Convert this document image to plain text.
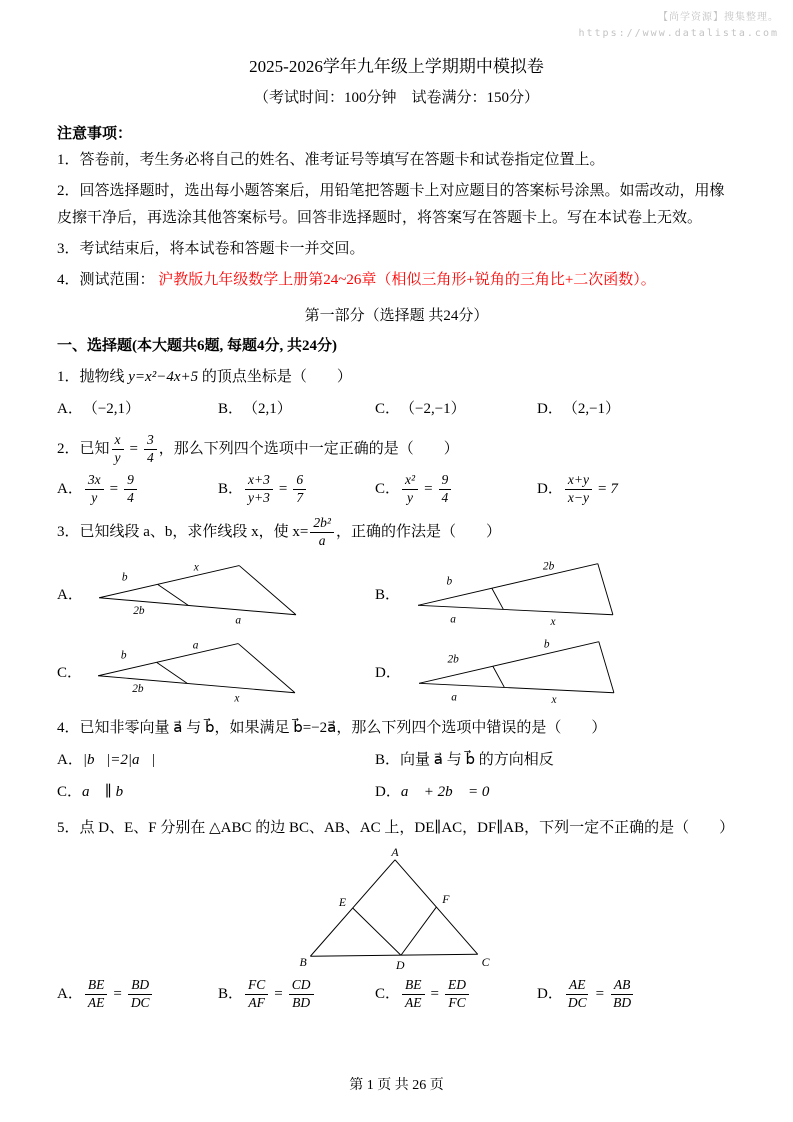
【尚学资源】搜集整理。
https://www.datalista.com
2025-2026学年九年级上学期期中模拟卷
（考试时间：100分钟　试卷满分：150分）
注意事项：

1．答卷前，考生务必将自己的姓名、准考证号等填写在答题卡和试卷指定位置上。

2．回答选择题时，选出每小题答案后，用铅笔把答题卡上对应题目的答案标号涂黑。如需改动，用橡皮擦干净后，再选涂其他答案标号。回答非选择题时，将答案写在答题卡上。写在本试卷上无效。

3．考试结束后，将本试卷和答题卡一并交回。

4．测试范围： 沪教版九年级数学上册第24~26章（相似三角形+锐角的三角比+二次函数）。

第一部分（选择题 共24分）
一、选择题(本大题共6题, 每题4分, 共24分)

1．抛物线 y=x²−4x+5 的顶点坐标是（　　）

A． （−2,1）	B． （2,1）	C． （−2,−1）	D． （2,−1）

2．已知 $\frac{x}{y} = \frac{3}{4}$ ，那么下列四个选项中一定正确的是（　　）

A． $\frac{3x}{y} = \frac{9}{4}$	B． $\frac{x+3}{y+3} = \frac{6}{7}$	C． $\frac{\text{x²}}{y} = \frac{9}{4}$	D． $\frac{x+y}{x-y} = 7$

3．已知线段 a、b，求作线段 x，使 $x= \frac{\text{2b²}}{a}$ ，正确的作法是（　　）

A．
b
x
2b
a
B．
b
2b
a	x
C．
b
a
2b
x
D．
2b
b
a	x

4．已知非零向量 a⃗ 与 b⃗，如果满足 b⃗=−2a⃗，那么下列四个选项中错误的是（　　）

A． |b⃗|=2|a⃗|	B． 向量 a⃗ 与 b⃗ 的方向相反
C． a⃗ ∥ b⃗	D． a⃗ + 2b⃗ = 0

5．点 D、E、F 分别在 △ABC 的边 BC、AB、AC 上，DE∥AC，DF∥AB，下列一定不正确的是（　　）

A
B	C
D
E	F
A． $\frac{BE}{AE} = \frac{BD}{DC}$	B． $\frac{FC}{AF} = \frac{CD}{BD}$	C． $\frac{BE}{AE} = \frac{ED}{FC}$	D． $\frac{AE}{DC} = \frac{AB}{BD}$
第 1 页 共 26 页
